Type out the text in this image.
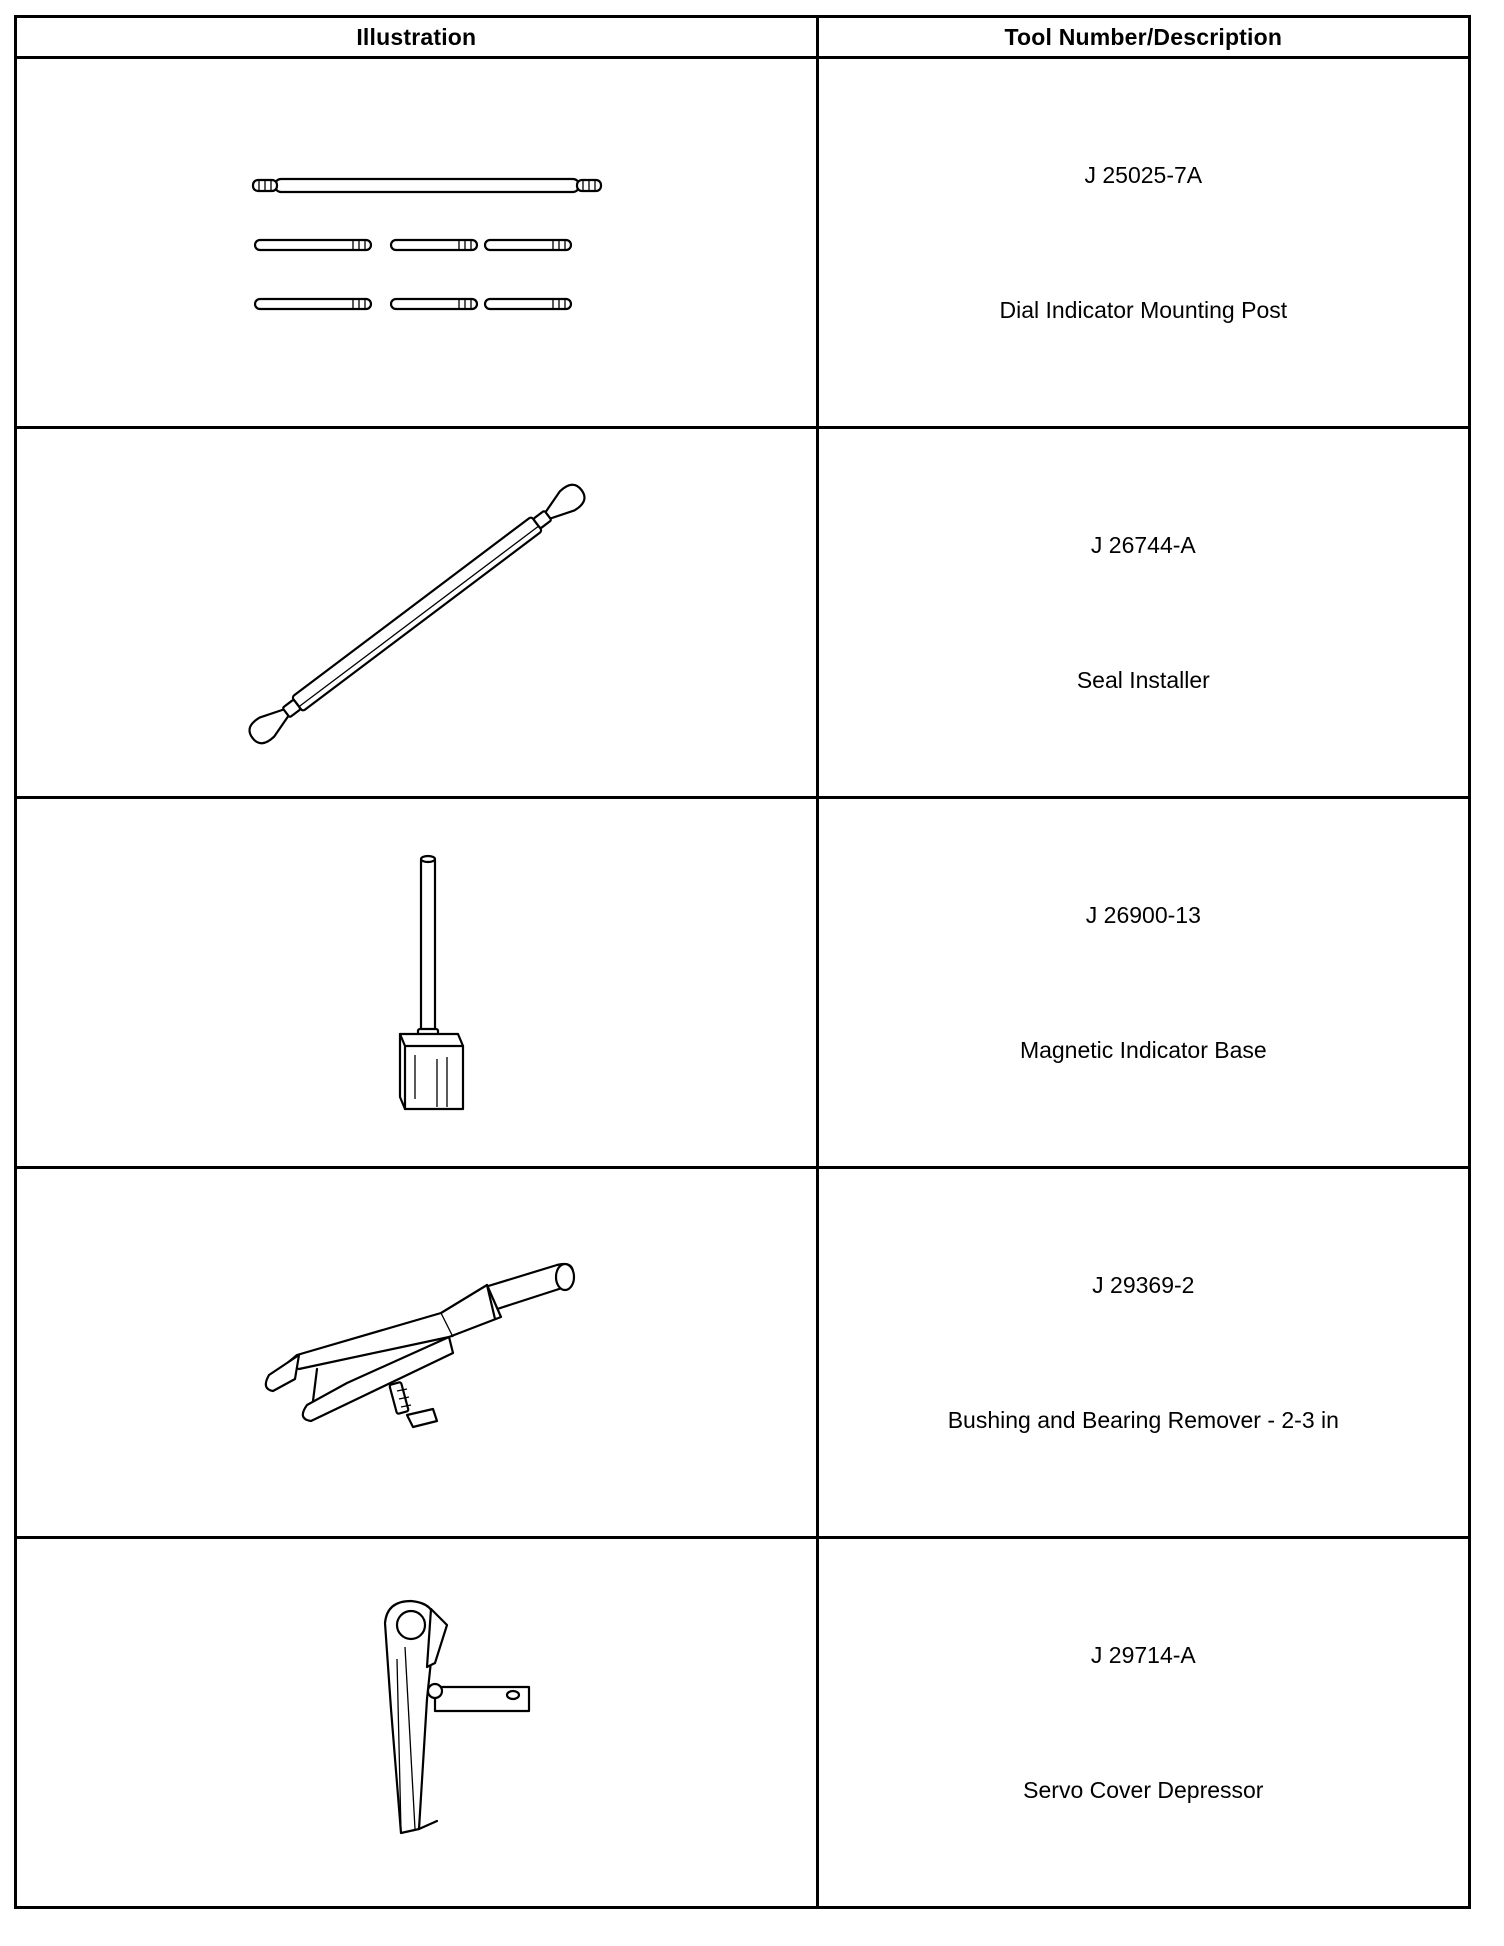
Illustration	Tool Number/Description

J 25025-7A
Dial Indicator Mounting Post

J 26744-A
Seal Installer

J 26900-13
Magnetic Indicator Base

J 29369-2
Bushing and Bearing Remover - 2-3 in

J 29714-A
Servo Cover Depressor
